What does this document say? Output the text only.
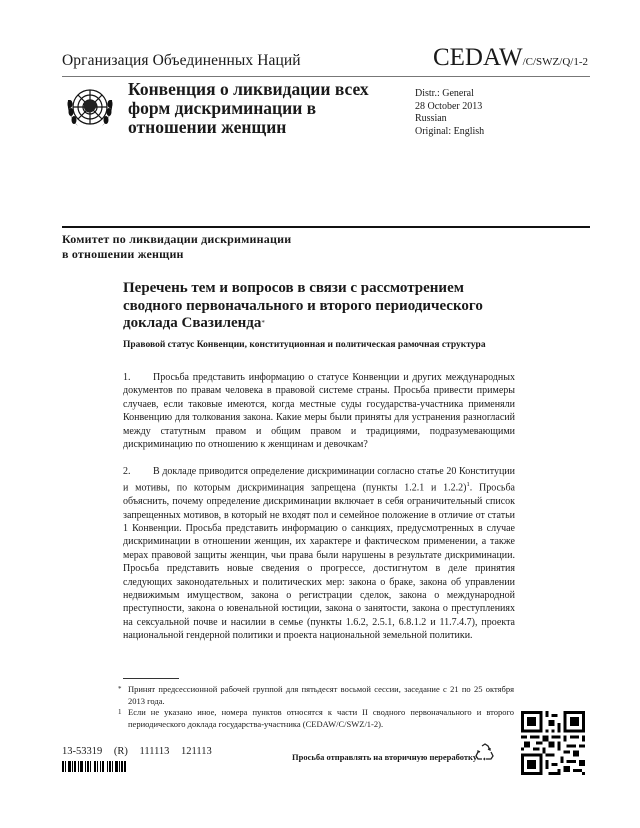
Организация Объединенных Наций	CEDAW/C/SWZ/Q/1-2
Конвенция о ликвидации всех форм дискриминации в отношении женщин
Distr.: General
28 October 2013
Russian
Original: English
Комитет по ликвидации дискриминации
в отношении женщин
Перечень тем и вопросов в связи с рассмотрением сводного первоначального и второго периодического доклада Свазиленда*
Правовой статус Конвенции, конституционная и политическая рамочная структура
1. Просьба представить информацию о статусе Конвенции и других международных документов по правам человека в правовой системе страны. Просьба привести примеры случаев, если таковые имеются, когда местные суды государства-участника применяли Конвенцию для толкования закона. Какие меры были приняты для устранения разногласий между статутным правом и общим правом и традициями, подразумевающими дискриминацию по отношению к женщинам и девочкам?
2. В докладе приводится определение дискриминации согласно статье 20 Конституции и мотивы, по которым дискриминация запрещена (пункты 1.2.1 и 1.2.2)$^1$. Просьба объяснить, почему определение дискриминации включает в себя ограничительный список запрещенных мотивов, в который не входят пол и семейное положение в отличие от статьи 1 Конвенции. Просьба представить информацию о санкциях, предусмотренных в случае дискриминации в отношении женщин, их характере и фактическом применении, а также мерах правовой защиты женщин, чьи права были нарушены в результате дискриминации. Просьба представить новые сведения о прогрессе, достигнутом в деле принятия следующих законодательных и политических мер: закона о браке, закона об управлении недвижимым имуществом, закона о регистрации сделок, закона о международной преступности, закона о ювенальной юстиции, закона о занятости, закона о преступлениях на сексуальной почве и насилии в семье (пункты 1.6.2, 2.5.1, 6.8.1.2 и 11.7.4.7), проекта национальной гендерной политики и проекта национальной земельной политики.
* Принят предсессионной рабочей группой для пятьдесят восьмой сессии, заседание с 21 по 25 октября 2013 года.
1 Если не указано иное, номера пунктов относятся к части II сводного первоначального и второго периодического доклада государства-участника (CEDAW/C/SWZ/1-2).
13-53319 (R) 111113 121113	Просьба отправлять на вторичную переработку
